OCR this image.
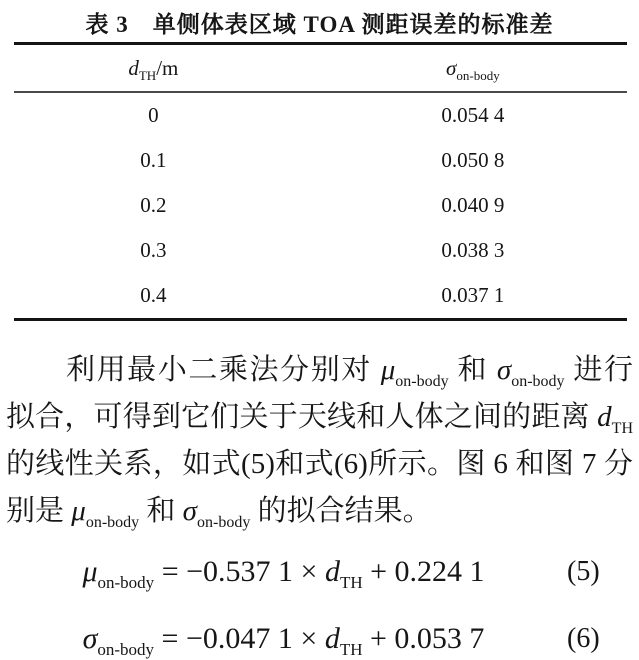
表 3　单侧体表区域 TOA 测距误差的标准差
$d_{TH}/m$	$\sigma_{on-body}$
0	0.054 4
0.1	0.050 8
0.2	0.040 9
0.3	0.038 3
0.4	0.037 1

利用最小二乘法分别对 $\mu_{on-body}$ 和 $\sigma_{on-body}$ 进行拟合，可得到它们关于天线和人体之间的距离 $d_{TH}$ 的线性关系，如式(5)和式(6)所示。图 6 和图 7 分别是 $\mu_{on-body}$ 和 $\sigma_{on-body}$ 的拟合结果。

$\mu_{on-body} = -0.537$ $1 \times d_{TH} + 0.224$ 1	(5)
$\sigma_{on-body} = -0.047$ $1 \times d_{TH} + 0.053$ 7	(6)
